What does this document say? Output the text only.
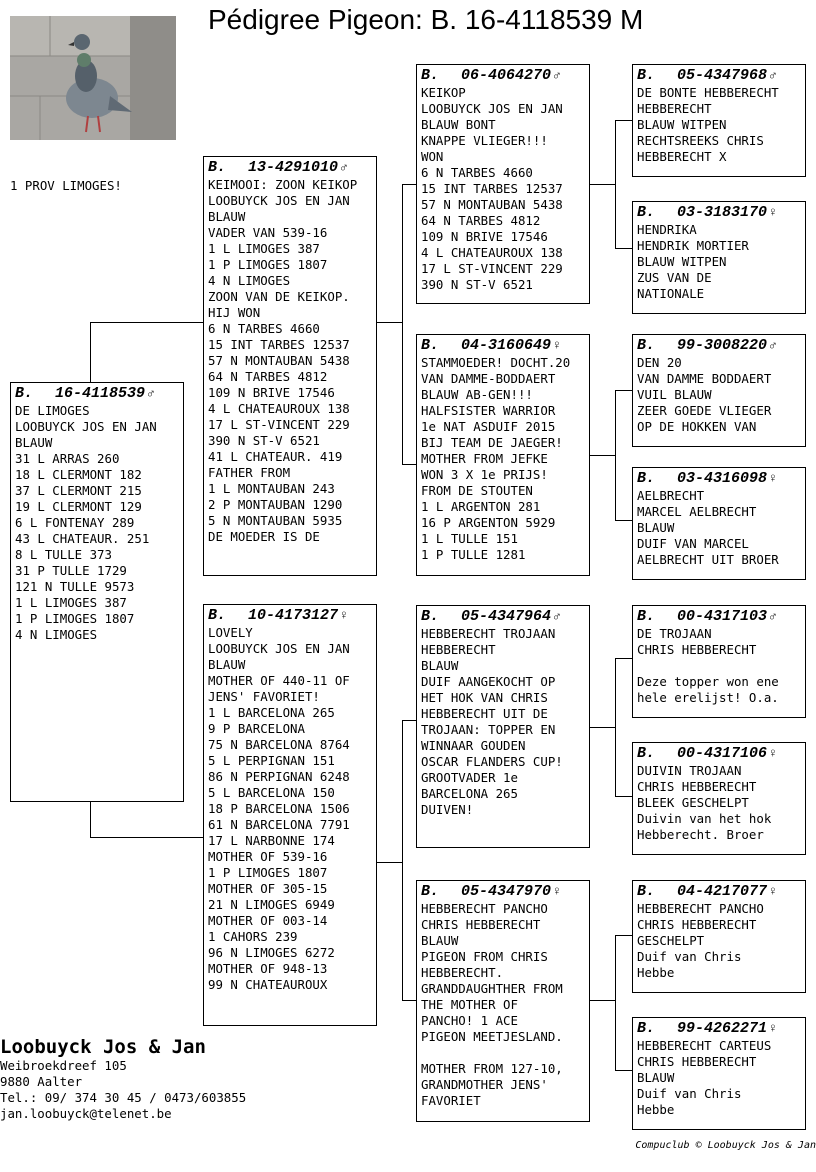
Pédigree Pigeon: B. 16-4118539 M
1 PROV LIMOGES!
B. 16-4118539 ♂
DE LIMOGES
LOOBUYCK JOS EN JAN
BLAUW
31 L ARRAS 260
18 L CLERMONT 182
37 L CLERMONT 215
19 L CLERMONT 129
6 L FONTENAY 289
43 L CHATEAUR. 251
8 L TULLE 373
31 P TULLE 1729
121 N TULLE 9573
1 L LIMOGES 387
1 P LIMOGES 1807
4 N LIMOGES
B. 13-4291010 ♂
KEIMOOI: ZOON KEIKOP
LOOBUYCK JOS EN JAN
BLAUW
VADER VAN 539-16
1 L LIMOGES 387
1 P LIMOGES 1807
4 N LIMOGES
ZOON VAN DE KEIKOP.
HIJ WON
6 N TARBES 4660
15 INT TARBES 12537
57 N MONTAUBAN 5438
64 N TARBES 4812
109 N BRIVE 17546
4 L CHATEAUROUX 138
17 L ST-VINCENT 229
390 N ST-V 6521
41 L CHATEAUR. 419
FATHER FROM
1 L MONTAUBAN 243
2 P MONTAUBAN 1290
5 N MONTAUBAN 5935
DE MOEDER IS DE
B. 10-4173127 ♀
LOVELY
LOOBUYCK JOS EN JAN
BLAUW
MOTHER OF 440-11 OF
JENS' FAVORIET!
1 L BARCELONA 265
9 P BARCELONA
75 N BARCELONA 8764
5 L PERPIGNAN 151
86 N PERPIGNAN 6248
5 L BARCELONA 150
18 P BARCELONA 1506
61 N BARCELONA 7791
17 L NARBONNE 174
MOTHER OF 539-16
1 P LIMOGES 1807
MOTHER OF 305-15
21 N LIMOGES 6949
MOTHER OF 003-14
1 CAHORS 239
96 N LIMOGES 6272
MOTHER OF 948-13
99 N CHATEAUROUX
B. 06-4064270 ♂
KEIKOP
LOOBUYCK JOS EN JAN
BLAUW BONT
KNAPPE VLIEGER!!!
WON
6 N TARBES 4660
15 INT TARBES 12537
57 N MONTAUBAN 5438
64 N TARBES 4812
109 N BRIVE 17546
4 L CHATEAUROUX 138
17 L ST-VINCENT 229
390 N ST-V 6521
B. 04-3160649 ♀
STAMMOEDER! DOCHT.20
VAN DAMME-BODDAERT
BLAUW AB-GEN!!!
HALFSISTER WARRIOR
1e NAT ASDUIF 2015
BIJ TEAM DE JAEGER!
MOTHER FROM JEFKE
WON 3 X 1e PRIJS!
FROM DE STOUTEN
1 L ARGENTON 281
16 P ARGENTON 5929
1 L TULLE 151
1 P TULLE 1281
B. 05-4347964 ♂
HEBBERECHT TROJAAN
HEBBERECHT
BLAUW
DUIF AANGEKOCHT OP
HET HOK VAN CHRIS
HEBBERECHT UIT DE
TROJAAN: TOPPER EN
WINNAAR GOUDEN
OSCAR FLANDERS CUP!
GROOTVADER 1e
BARCELONA 265
DUIVEN!
B. 05-4347970 ♀
HEBBERECHT PANCHO
CHRIS HEBBERECHT
BLAUW
PIGEON FROM CHRIS
HEBBERECHT.
GRANDDAUGHTHER FROM
THE MOTHER OF
PANCHO! 1 ACE
PIGEON MEETJESLAND.
MOTHER FROM 127-10,
GRANDMOTHER JENS'
FAVORIET
B. 05-4347968 ♂
DE BONTE HEBBERECHT
HEBBERECHT
BLAUW WITPEN
RECHTSREEKS CHRIS
HEBBERECHT X
B. 03-3183170 ♀
HENDRIKA
HENDRIK MORTIER
BLAUW WITPEN
ZUS VAN DE
NATIONALE
B. 99-3008220 ♂
DEN 20
VAN DAMME BODDAERT
VUIL BLAUW
ZEER GOEDE VLIEGER
OP DE HOKKEN VAN
B. 03-4316098 ♀
AELBRECHT
MARCEL AELBRECHT
BLAUW
DUIF VAN MARCEL
AELBRECHT UIT BROER
B. 00-4317103 ♂
DE TROJAAN
CHRIS HEBBERECHT
Deze topper won ene
hele erelijst! O.a.
B. 00-4317106 ♀
DUIVIN TROJAAN
CHRIS HEBBERECHT
BLEEK GESCHELPT
Duivin van het hok
Hebberecht. Broer
B. 04-4217077 ♀
HEBBERECHT PANCHO
CHRIS HEBBERECHT
GESCHELPT
Duif van Chris
Hebbe
B. 99-4262271 ♀
HEBBERECHT CARTEUS
CHRIS HEBBERECHT
BLAUW
Duif van Chris
Hebbe
Loobuyck Jos & Jan
Weibroekdreef 105
9880 Aalter
Tel.: 09/ 374 30 45 / 0473/603855
jan.loobuyck@telenet.be
Compuclub © Loobuyck Jos & Jan
